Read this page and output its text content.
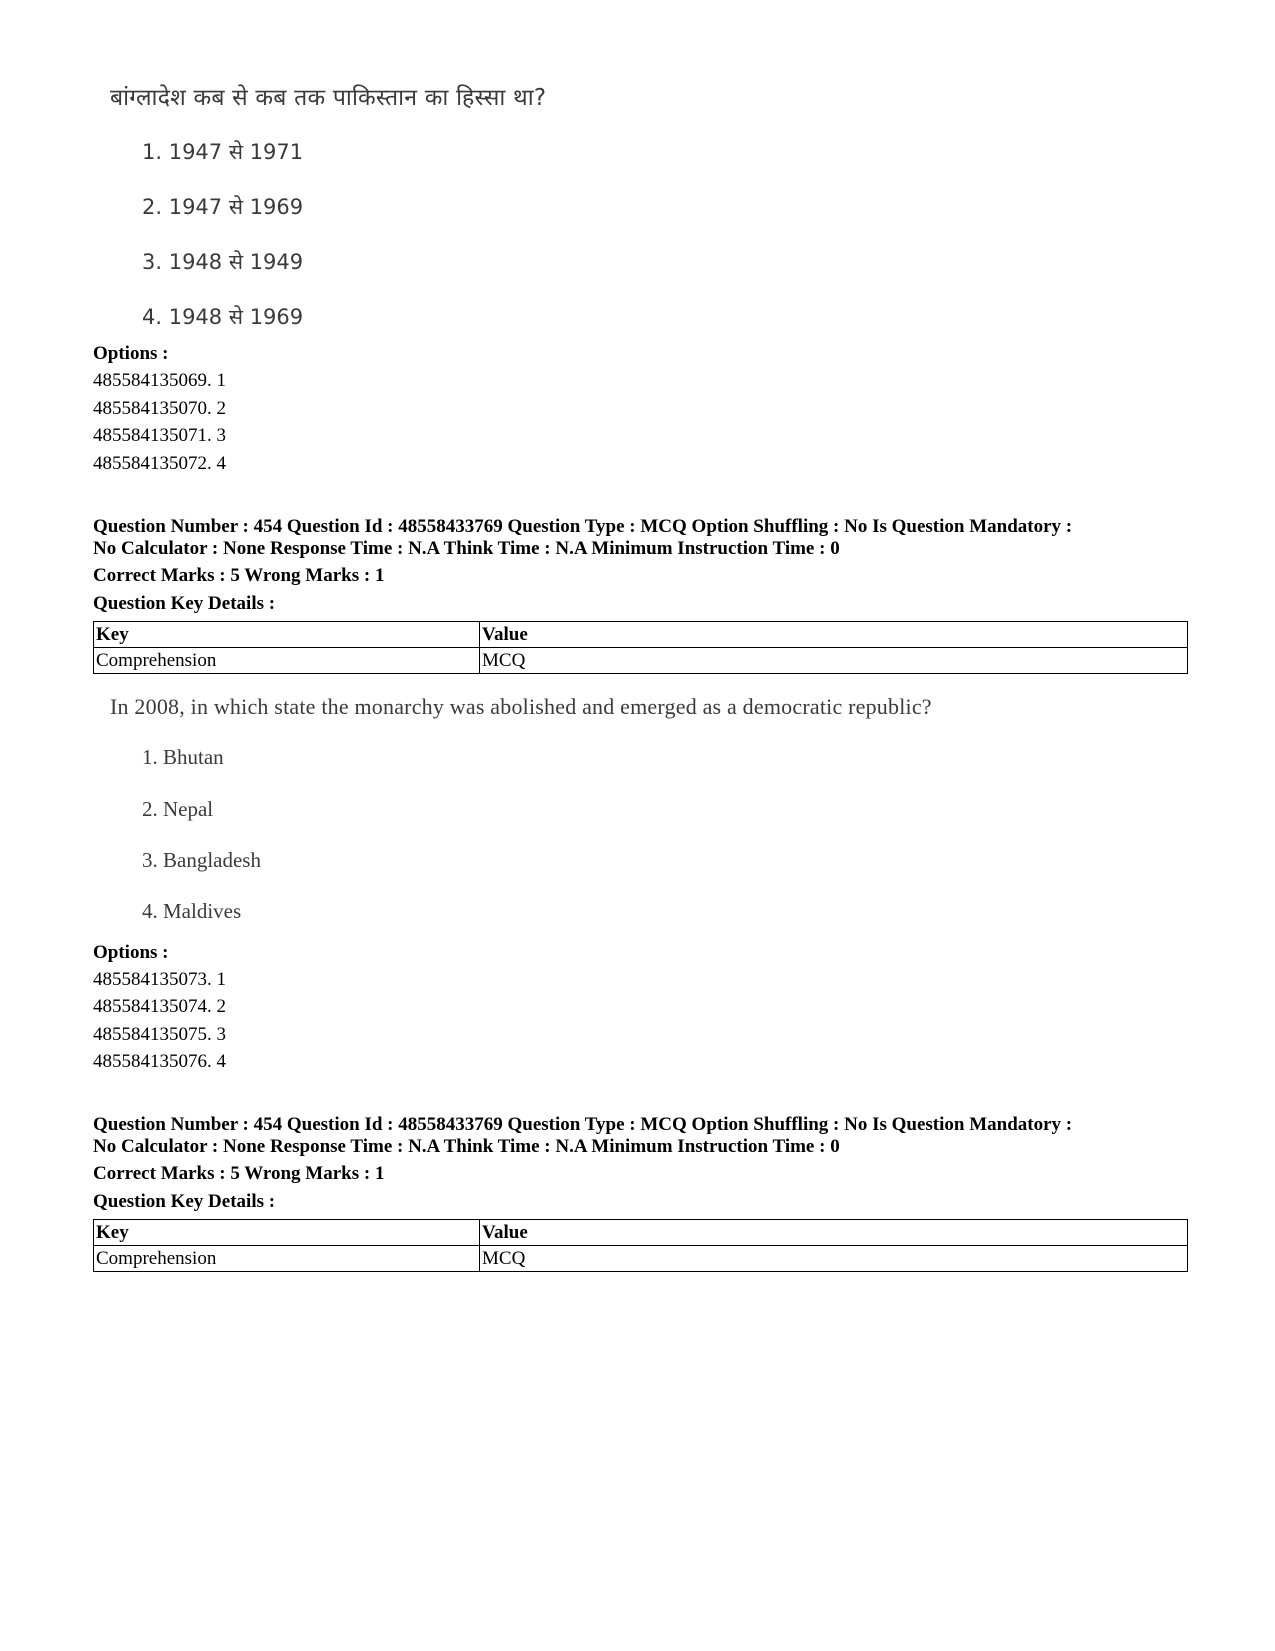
बांग्लादेश कब से कब तक पाकिस्तान का हिस्सा था?
1. 1947 से 1971
2. 1947 से 1969
3. 1948 से 1949
4. 1948 से 1969
Options :
485584135069. 1
485584135070. 2
485584135071. 3
485584135072. 4
Question Number : 454 Question Id : 48558433769 Question Type : MCQ Option Shuffling : No Is Question Mandatory :
No Calculator : None Response Time : N.A Think Time : N.A Minimum Instruction Time : 0
Correct Marks : 5 Wrong Marks : 1
Question Key Details :
Key	Value
Comprehension	MCQ
In 2008, in which state the monarchy was abolished and emerged as a democratic republic?
1. Bhutan
2. Nepal
3. Bangladesh
4. Maldives
Options :
485584135073. 1
485584135074. 2
485584135075. 3
485584135076. 4
Question Number : 454 Question Id : 48558433769 Question Type : MCQ Option Shuffling : No Is Question Mandatory :
No Calculator : None Response Time : N.A Think Time : N.A Minimum Instruction Time : 0
Correct Marks : 5 Wrong Marks : 1
Question Key Details :
Key	Value
Comprehension	MCQ
